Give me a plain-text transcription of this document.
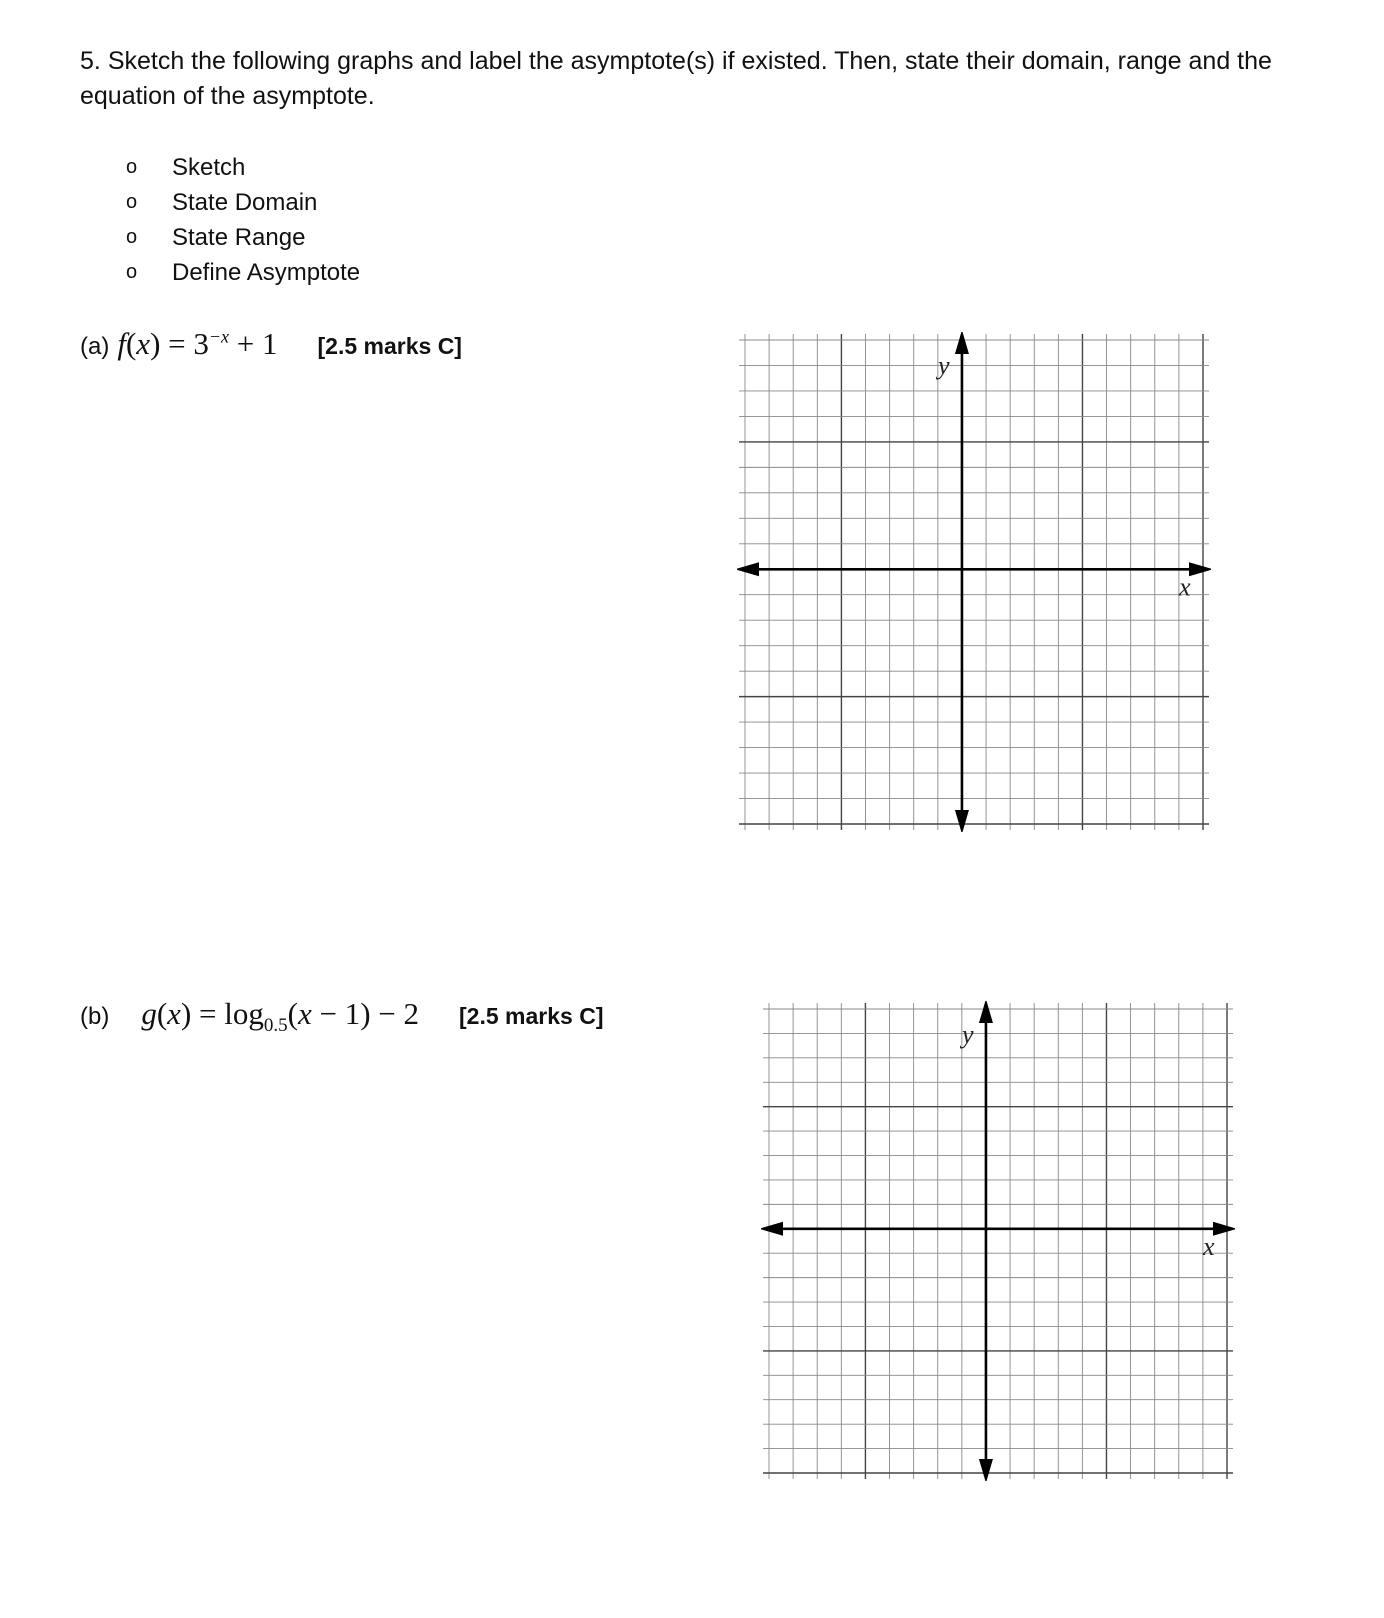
5. Sketch the following graphs and label the asymptote(s) if existed. Then, state their domain, range and the equation of the asymptote.
o	Sketch
o	State Domain
o	State Range
o	Define Asymptote
(a) $f(x) = 3^{-x} + 1$ [2.5 marks C]
y
x
(b) $g(x) = \log_{0.5}(x - 1) - 2$ [2.5 marks C]
y
x
